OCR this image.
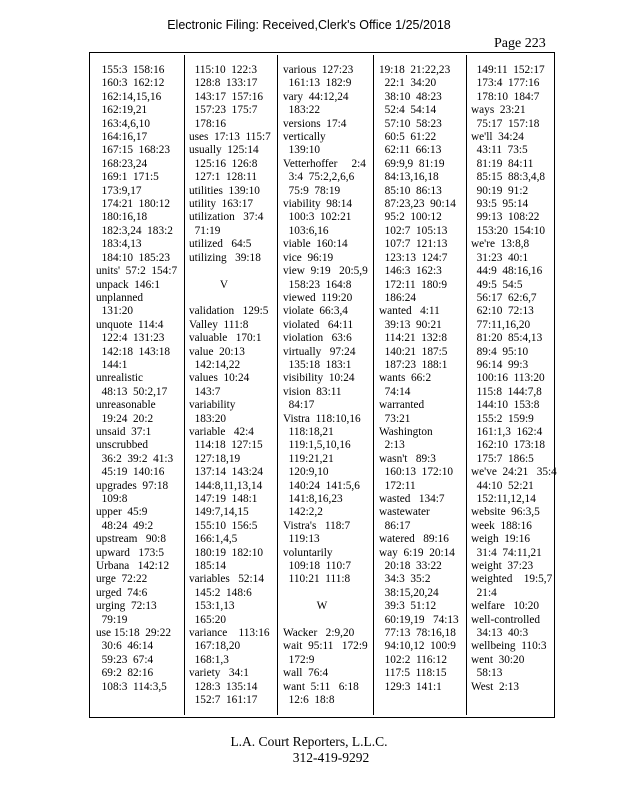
Electronic Filing: Received,Clerk's Office 1/25/2018
Page 223
155:3  158:16
160:3  162:12
162:14,15,16
162:19,21
163:4,6,10
164:16,17
167:15  168:23
168:23,24
169:1  171:5
173:9,17
174:21  180:12
180:16,18
182:3,24  183:2
183:4,13
184:10  185:23
units'  57:2  154:7
unpack  146:1
unplanned
131:20
unquote  114:4
122:4  131:23
142:18  143:18
144:1
unrealistic
48:13  50:2,17
unreasonable
19:24  20:2
unsaid  37:1
unscrubbed
36:2  39:2  41:3
45:19  140:16
upgrades  97:18
109:8
upper  45:9
48:24  49:2
upstream   90:8
upward   173:5
Urbana   142:12
urge  72:22
urged  74:6
urging  72:13
79:19
use 15:18  29:22
30:6  46:14
59:23  67:4
69:2  82:16
108:3  114:3,5
115:10  122:3
128:8  133:17
143:17  157:16
157:23  175:7
178:16
uses  17:13  115:7
usually  125:14
125:16  126:8
127:1  128:11
utilities  139:10
utility  163:17
utilization   37:4
71:19
utilized   64:5
utilizing   39:18

V

validation   129:5
Valley  111:8
valuable   170:1
value  20:13
142:14,22
values  10:24
143:7
variability
183:20
variable   42:4
114:18  127:15
127:18,19
137:14  143:24
144:8,11,13,14
147:19  148:1
149:7,14,15
155:10  156:5
166:1,4,5
180:19  182:10
185:14
variables   52:14
145:2  148:6
153:1,13
165:20
variance    113:16
167:18,20
168:1,3
variety   34:1
128:3  135:14
152:7  161:17
various  127:23
161:13  182:9
vary  44:12,24
183:22
versions  17:4
vertically
139:10
Vetterhoffer     2:4
3:4  75:2,2,6,6
75:9  78:19
viability  98:14
100:3  102:21
103:6,16
viable  160:14
vice  96:19
view  9:19   20:5,9
158:23  164:8
viewed  119:20
violate  66:3,4
violated   64:11
violation   63:6
virtually   97:24
135:18  183:1
visibility  10:24
vision  83:11
84:17
Vistra  118:10,16
118:18,21
119:1,5,10,16
119:21,21
120:9,10
140:24  141:5,6
141:8,16,23
142:2,2
Vistra's   118:7
119:13
voluntarily
109:18  110:7
110:21  111:8

W

Wacker   2:9,20
wait  95:11   172:9
172:9
wall  76:4
want  5:11   6:18
12:6  18:8
19:18  21:22,23
22:1  34:20
38:10  48:23
52:4  54:14
57:10  58:23
60:5  61:22
62:11  66:13
69:9,9  81:19
84:13,16,18
85:10  86:13
87:23,23  90:14
95:2  100:12
102:7  105:13
107:7  121:13
123:13  124:7
146:3  162:3
172:11  180:9
186:24
wanted   4:11
39:13  90:21
114:21  132:8
140:21  187:5
187:23  188:1
wants  66:2
74:14
warranted
73:21
Washington
2:13
wasn't   89:3
160:13  172:10
172:11
wasted   134:7
wastewater
86:17
watered   89:16
way  6:19  20:14
20:18  33:22
34:3  35:2
38:15,20,24
39:3  51:12
60:19,19   74:13
77:13  78:16,18
94:10,12  100:9
102:2  116:12
117:5  118:15
129:3  141:1
149:11  152:17
173:4  177:16
178:10  184:7
ways  23:21
75:17  157:18
we'll  34:24
43:11  73:5
81:19  84:11
85:15  88:3,4,8
90:19  91:2
93:5  95:14
99:13  108:22
153:20  154:10
we're  13:8,8
31:23  40:1
44:9  48:16,16
49:5  54:5
56:17  62:6,7
62:10  72:13
77:11,16,20
81:20  85:4,13
89:4  95:10
96:14  99:3
100:16  113:20
115:8  144:7,8
144:10  153:8
155:2  159:9
161:1,3  162:4
162:10  173:18
175:7  186:5
we've  24:21   35:4
44:10  52:21
152:11,12,14
website  96:3,5
week  188:16
weigh  19:16
31:4  74:11,21
weight  37:23
weighted    19:5,7
21:4
welfare   10:20
well-controlled
34:13  40:3
wellbeing  110:3
went  30:20
58:13
West  2:13
L.A. Court Reporters, L.L.C.
312-419-9292
